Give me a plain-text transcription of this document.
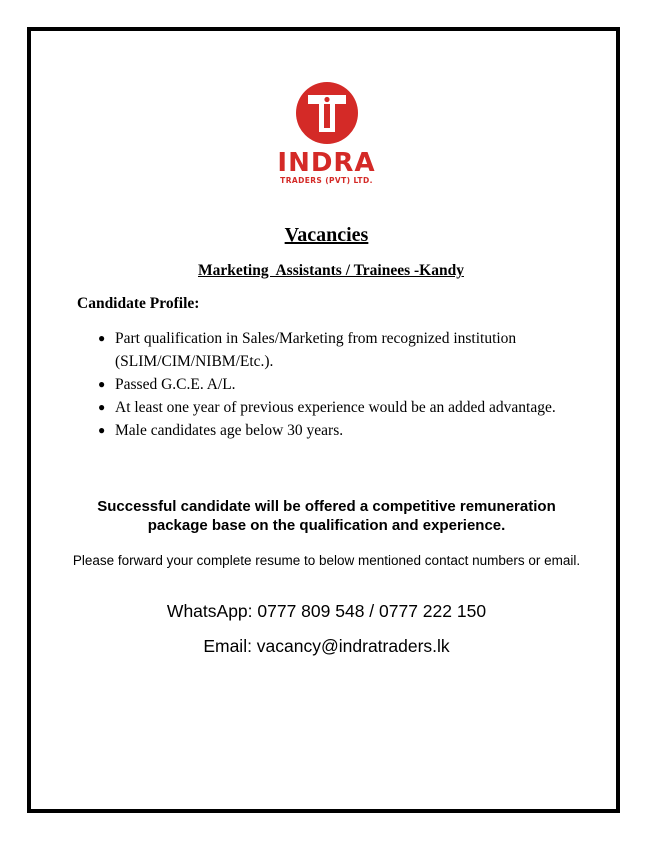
INDRA
TRADERS (PVT) LTD.
Vacancies
Marketing  Assistants / Trainees -Kandy
Candidate Profile:
● Part qualification in Sales/Marketing from recognized institution (SLIM/CIM/NIBM/Etc.).
● Passed G.C.E. A/L.
● At least one year of previous experience would be an added advantage.
● Male candidates age below 30 years.
Successful candidate will be offered a competitive remuneration package base on the qualification and experience.
Please forward your complete resume to below mentioned contact numbers or email.
WhatsApp: 0777 809 548 / 0777 222 150
Email: vacancy@indratraders.lk
